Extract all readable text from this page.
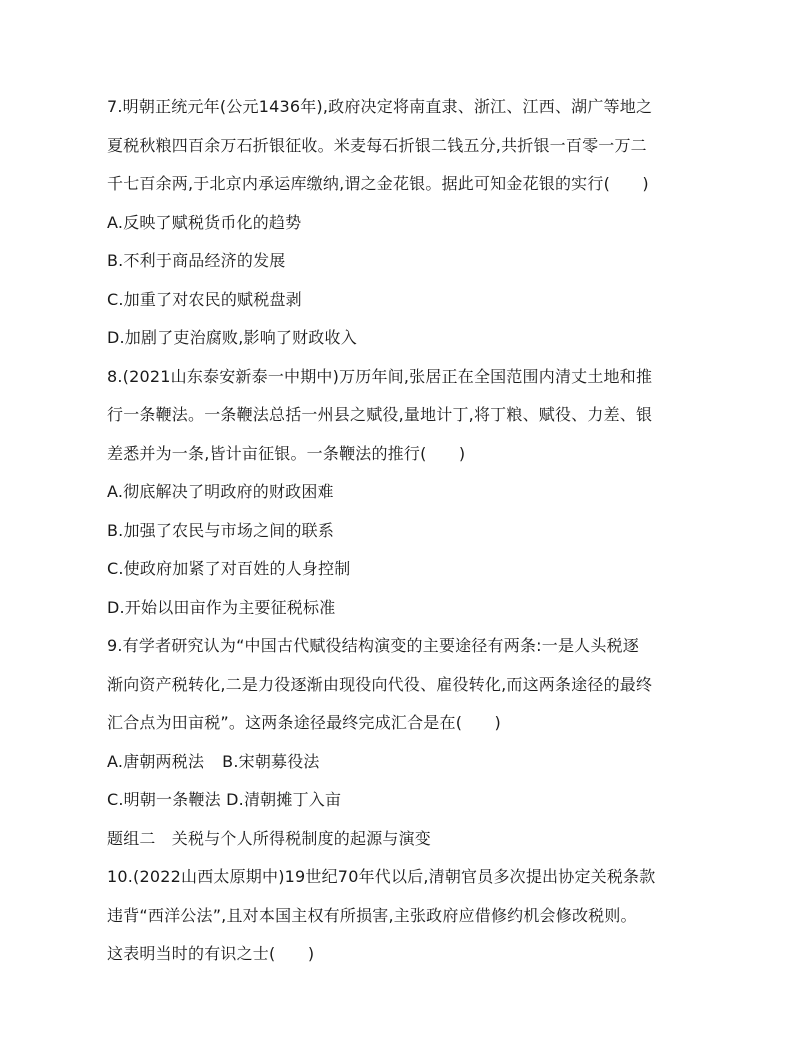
7.明朝正统元年(公元1436年),政府决定将南直隶、浙江、江西、湖广等地之
夏税秋粮四百余万石折银征收。米麦每石折银二钱五分,共折银一百零一万二
千七百余两,于北京内承运库缴纳,谓之金花银。据此可知金花银的实行(　　)
A.反映了赋税货币化的趋势
B.不利于商品经济的发展
C.加重了对农民的赋税盘剥
D.加剧了吏治腐败,影响了财政收入
8.(2021山东泰安新泰一中期中)万历年间,张居正在全国范围内清丈土地和推
行一条鞭法。一条鞭法总括一州县之赋役,量地计丁,将丁粮、赋役、力差、银
差悉并为一条,皆计亩征银。一条鞭法的推行(　　)
A.彻底解决了明政府的财政困难
B.加强了农民与市场之间的联系
C.使政府加紧了对百姓的人身控制
D.开始以田亩作为主要征税标准
9.有学者研究认为“中国古代赋役结构演变的主要途径有两条:一是人头税逐
渐向资产税转化,二是力役逐渐由现役向代役、雇役转化,而这两条途径的最终
汇合点为田亩税”。这两条途径最终完成汇合是在(　　)
A.唐朝两税法 B.宋朝募役法
C.明朝一条鞭法 D.清朝摊丁入亩
题组二　关税与个人所得税制度的起源与演变
10.(2022山西太原期中)19世纪70年代以后,清朝官员多次提出协定关税条款
违背“西洋公法”,且对本国主权有所损害,主张政府应借修约机会修改税则。
这表明当时的有识之士(　　)
